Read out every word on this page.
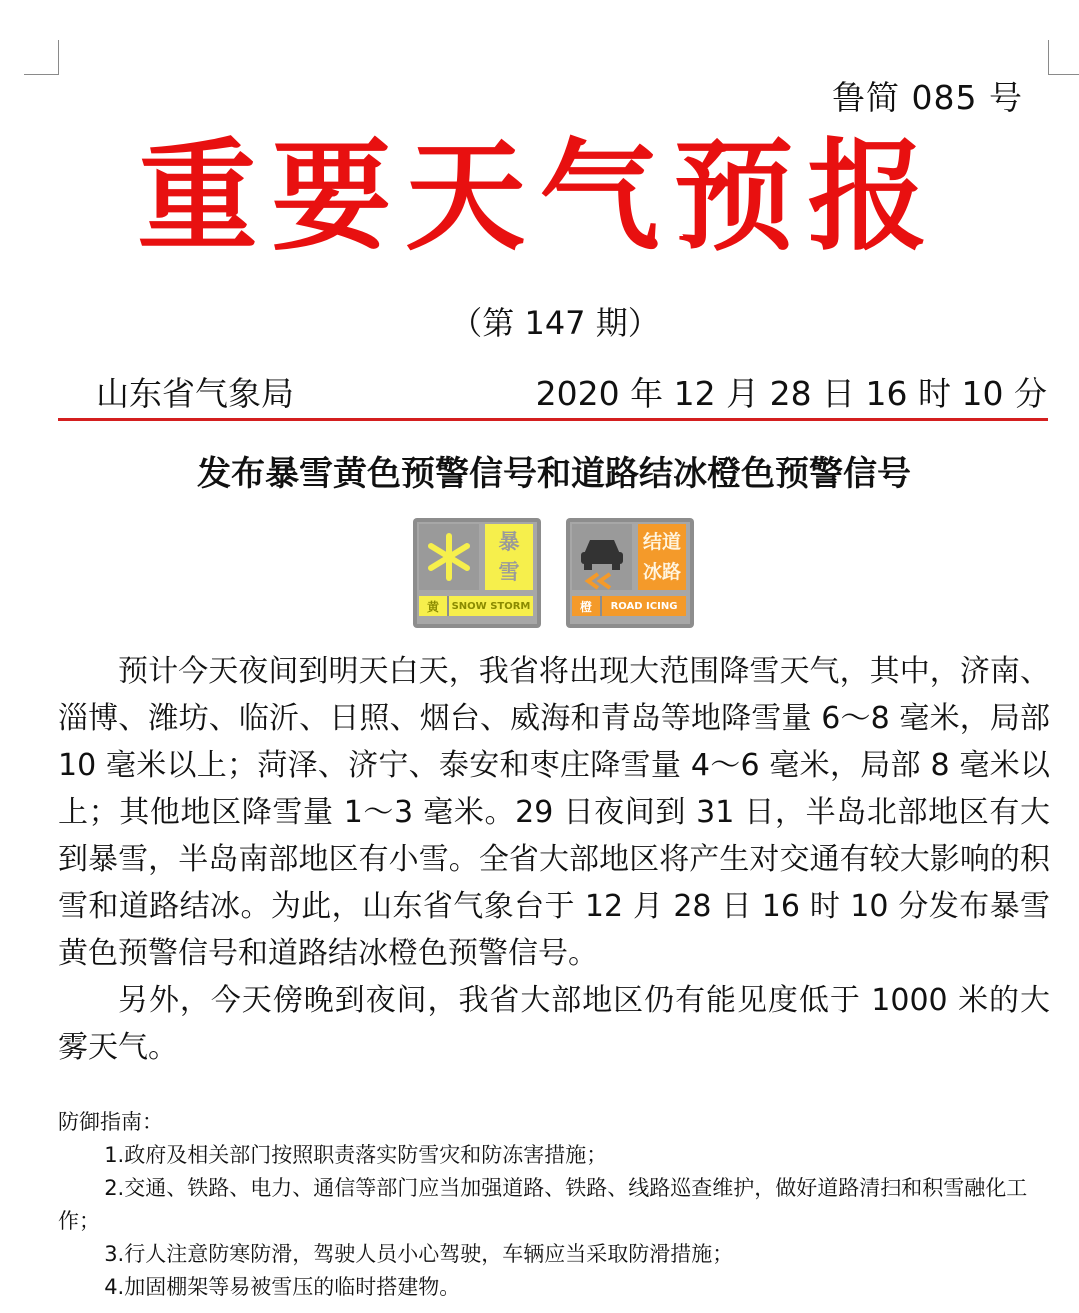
鲁简 085 号
重要天气预报
（第 147 期）
山东省气象局	2020 年 12 月 28 日 16 时 10 分
发布暴雪黄色预警信号和道路结冰橙色预警信号
暴
雪
黄	SNOW STORM
结道
冰路
橙	ROAD ICING

预计今天夜间到明天白天，我省将出现大范围降雪天气，其中，济南、淄博、潍坊、临沂、日照、烟台、威海和青岛等地降雪量 6～8 毫米，局部 10 毫米以上；菏泽、济宁、泰安和枣庄降雪量 4～6 毫米，局部 8 毫米以上；其他地区降雪量 1～3 毫米。29 日夜间到 31 日，半岛北部地区有大到暴雪，半岛南部地区有小雪。全省大部地区将产生对交通有较大影响的积雪和道路结冰。为此，山东省气象台于 12 月 28 日 16 时 10 分发布暴雪黄色预警信号和道路结冰橙色预警信号。

另外，今天傍晚到夜间，我省大部地区仍有能见度低于 1000 米的大雾天气。

防御指南：

1.政府及相关部门按照职责落实防雪灾和防冻害措施；

2.交通、铁路、电力、通信等部门应当加强道路、铁路、线路巡查维护，做好道路清扫和积雪融化工作；

3.行人注意防寒防滑，驾驶人员小心驾驶，车辆应当采取防滑措施；

4.加固棚架等易被雪压的临时搭建物。
